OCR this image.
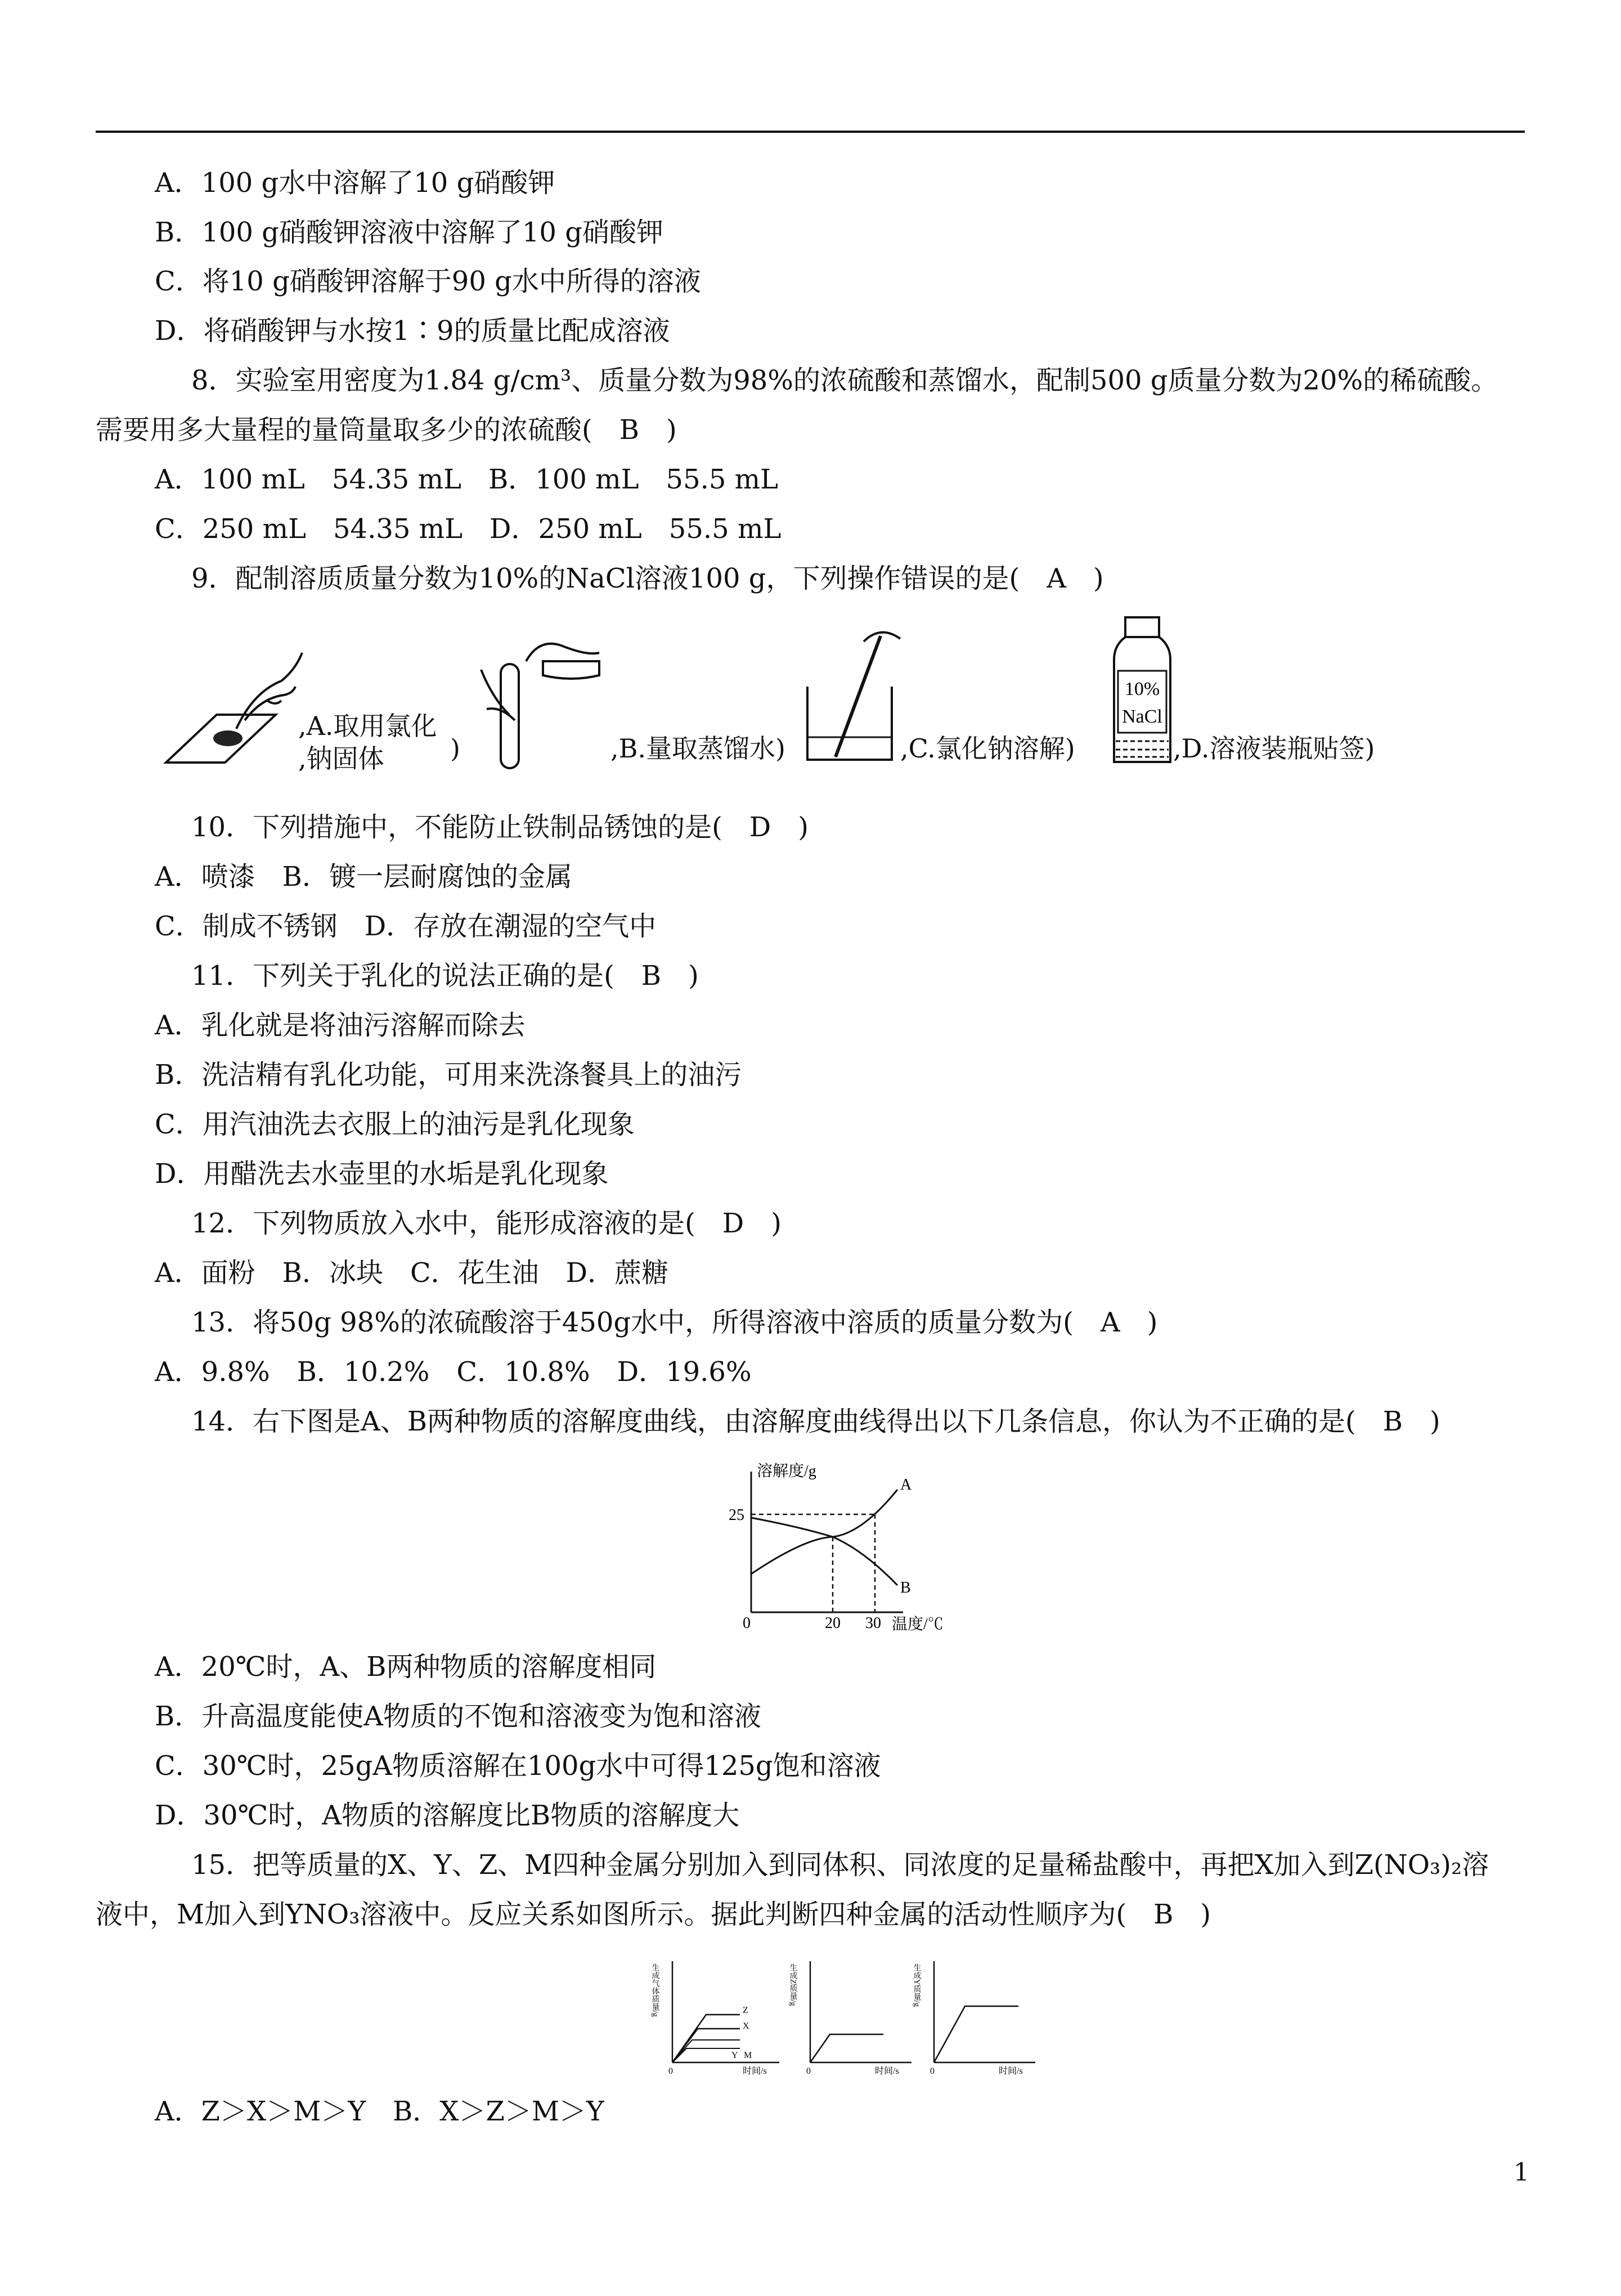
A．100 g水中溶解了10 g硝酸钾
B．100 g硝酸钾溶液中溶解了10 g硝酸钾
C．将10 g硝酸钾溶解于90 g水中所得的溶液
D．将硝酸钾与水按1∶9的质量比配成溶液
8．实验室用密度为1.84 g/cm³、质量分数为98%的浓硫酸和蒸馏水，配制500 g质量分数为20%的稀硫酸。
需要用多大量程的量筒量取多少的浓硫酸(　B　)
A．100 mL　54.35 mL　B．100 mL　55.5 mL
C．250 mL　54.35 mL　D．250 mL　55.5 mL
9．配制溶质质量分数为10%的NaCl溶液100 g，下列操作错误的是(　A　)
,A.取用氯化
,钠固体	)	,B.量取蒸馏水)	,C.氯化钠溶解)
10%
NaCl
,D.溶液装瓶贴签)
10．下列措施中，不能防止铁制品锈蚀的是(　D　)
A．喷漆　B．镀一层耐腐蚀的金属
C．制成不锈钢　D．存放在潮湿的空气中
11．下列关于乳化的说法正确的是(　B　)
A．乳化就是将油污溶解而除去
B．洗洁精有乳化功能，可用来洗涤餐具上的油污
C．用汽油洗去衣服上的油污是乳化现象
D．用醋洗去水壶里的水垢是乳化现象
12．下列物质放入水中，能形成溶液的是(　D　)
A．面粉　B．冰块　C．花生油　D．蔗糖
13．将50g 98%的浓硫酸溶于450g水中，所得溶液中溶质的质量分数为(　A　)
A．9.8%　B．10.2%　C．10.8%　D．19.6%
14．右下图是A、B两种物质的溶解度曲线，由溶解度曲线得出以下几条信息，你认为不正确的是(　B　)
溶解度/g
25
0	20 30 温度/℃
A
B
A．20℃时，A、B两种物质的溶解度相同
B．升高温度能使A物质的不饱和溶液变为饱和溶液
C．30℃时，25gA物质溶解在100g水中可得125g饱和溶液
D．30℃时，A物质的溶解度比B物质的溶解度大
15．把等质量的X、Y、Z、M四种金属分别加入到同体积、同浓度的足量稀盐酸中，再把X加入到Z(NO₃)₂溶
液中，M加入到YNO₃溶液中。反应关系如图所示。据此判断四种金属的活动性顺序为(　B　)
生成气体质量/g	Z
X
Y M
0	时间/s
生成Z质量/g
0	时间/s
生成Y质量/g
0	时间/s
A．Z＞X＞M＞Y　B．X＞Z＞M＞Y
1
